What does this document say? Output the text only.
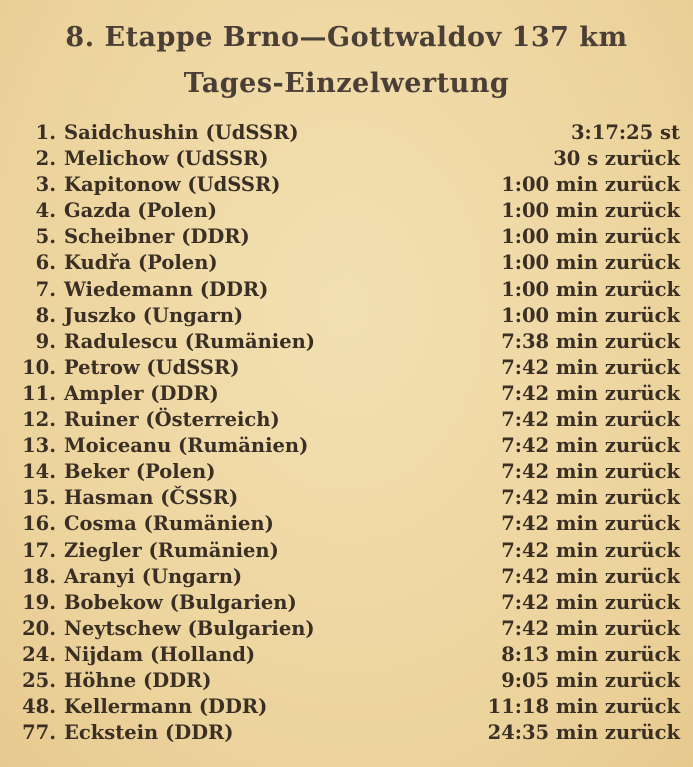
8. Etappe Brno—Gottwaldov 137 km
Tages-Einzelwertung
1. Saidchushin (UdSSR)	3:17:25 st
2. Melichow (UdSSR)	30 s zurück
3. Kapitonow (UdSSR)	1:00 min zurück
4. Gazda (Polen)	1:00 min zurück
5. Scheibner (DDR)	1:00 min zurück
6. Kudřa (Polen)	1:00 min zurück
7. Wiedemann (DDR)	1:00 min zurück
8. Juszko (Ungarn)	1:00 min zurück
9. Radulescu (Rumänien)	7:38 min zurück
10. Petrow (UdSSR)	7:42 min zurück
11. Ampler (DDR)	7:42 min zurück
12. Ruiner (Österreich)	7:42 min zurück
13. Moiceanu (Rumänien)	7:42 min zurück
14. Beker (Polen)	7:42 min zurück
15. Hasman (ČSSR)	7:42 min zurück
16. Cosma (Rumänien)	7:42 min zurück
17. Ziegler (Rumänien)	7:42 min zurück
18. Aranyi (Ungarn)	7:42 min zurück
19. Bobekow (Bulgarien)	7:42 min zurück
20. Neytschew (Bulgarien)	7:42 min zurück
24. Nijdam (Holland)	8:13 min zurück
25. Höhne (DDR)	9:05 min zurück
48. Kellermann (DDR)	11:18 min zurück
77. Eckstein (DDR)	24:35 min zurück
